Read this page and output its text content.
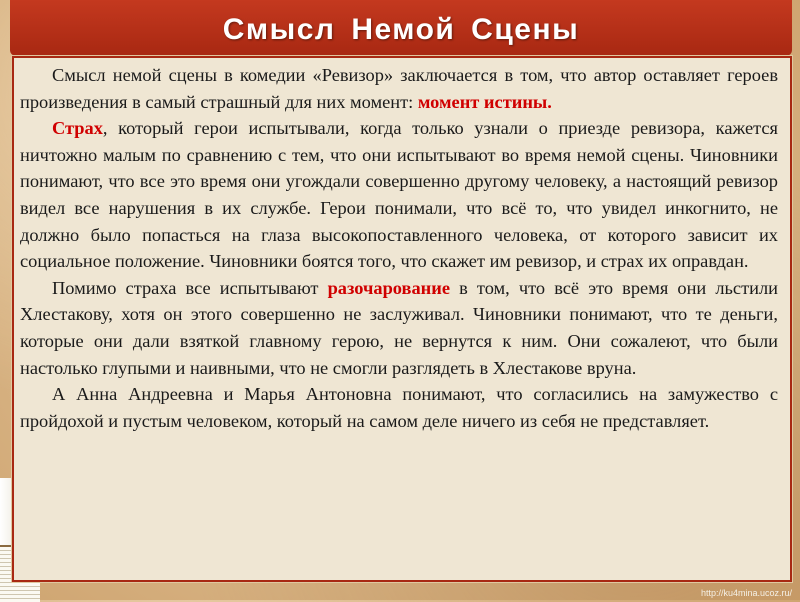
Смысл Немой Сцены

Смысл немой сцены в комедии «Ревизор» заключается в том, что автор оставляет героев произведения в самый страшный для них момент: момент истины.

Страх, который герои испытывали, когда только узнали о приезде ревизора, кажется ничтожно малым по сравнению с тем, что они испытывают во время немой сцены. Чиновники понимают, что все это время они угождали совершенно другому человеку, а настоящий ревизор видел все нарушения в их службе. Герои понимали, что всё то, что увидел инкогнито, не должно было попасться на глаза высокопоставленного человека, от которого зависит их социальное положение. Чиновники боятся того, что скажет им ревизор, и страх их оправдан.

Помимо страха все испытывают разочарование в том, что всё это время они льстили Хлестакову, хотя он этого совершенно не заслуживал. Чиновники понимают, что те деньги, которые они дали взяткой главному герою, не вернутся к ним. Они сожалеют, что были настолько глупыми и наивными, что не смогли разглядеть в Хлестакове вруна.

А Анна Андреевна и Марья Антоновна понимают, что согласились на замужество с пройдохой и пустым человеком, который на самом деле ничего из себя не представляет.

http://ku4mina.ucoz.ru/
